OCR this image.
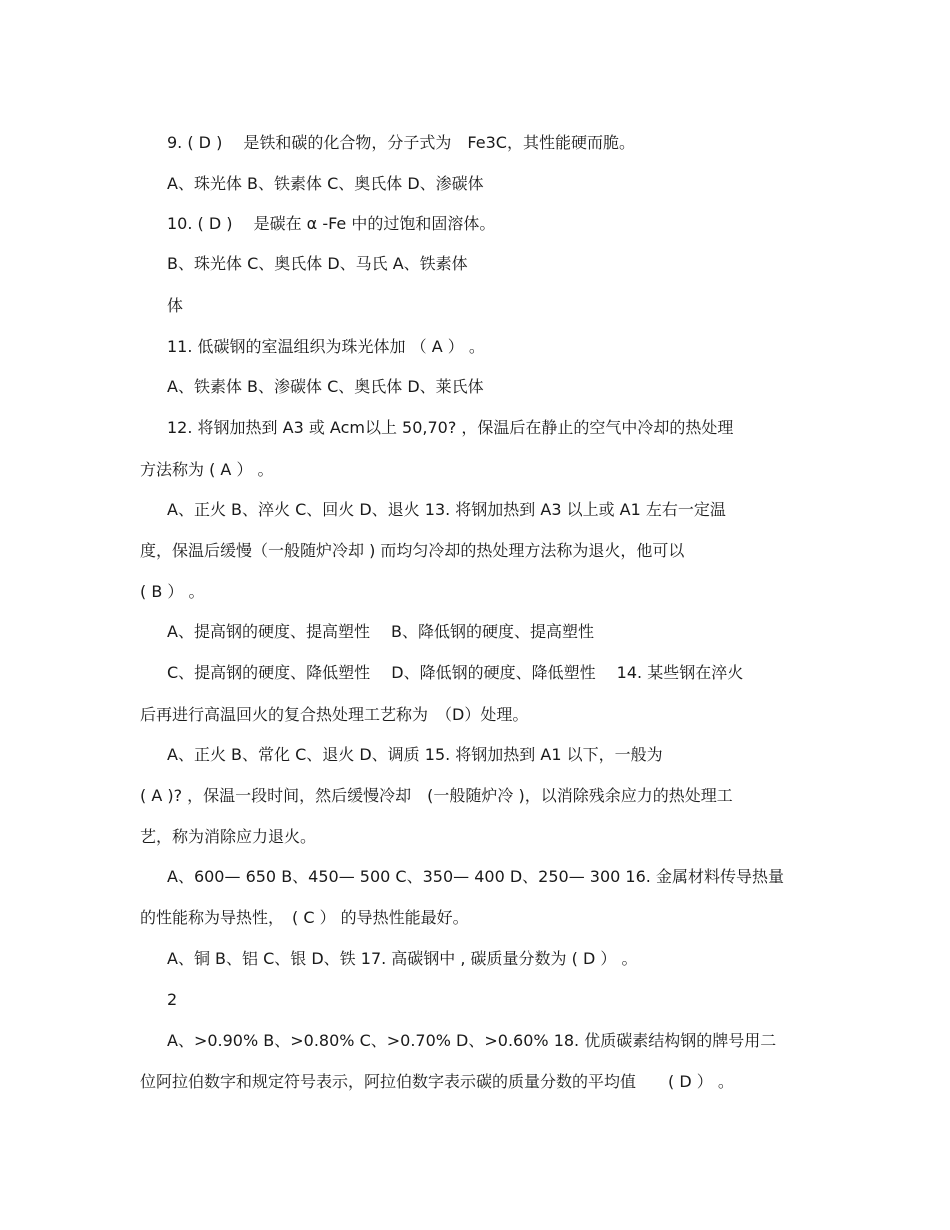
9. ( D )　 是铁和碳的化合物，分子式为　Fe3C，其性能硬而脆。
A、珠光体 B、铁素体 C、奥氏体 D、渗碳体
10. ( D )　 是碳在 α -Fe 中的过饱和固溶体。
B、珠光体 C、奥氏体 D、马氏 A、铁素体
体
11. 低碳钢的室温组织为珠光体加 （ A ） 。
A、铁素体 B、渗碳体 C、奥氏体 D、莱氏体
12. 将钢加热到 A3 或 Acm以上 50,70? ，保温后在静止的空气中冷却的热处理
方法称为 ( A ） 。
A、正火 B、淬火 C、回火 D、退火 13. 将钢加热到 A3 以上或 A1 左右一定温
度，保温后缓慢（一般随炉冷却 ) 而均匀冷却的热处理方法称为退火，他可以
( B ） 。
A、提高钢的硬度、提高塑性　 B、降低钢的硬度、提高塑性
C、提高钢的硬度、降低塑性　 D、降低钢的硬度、降低塑性　 14. 某些钢在淬火
后再进行高温回火的复合热处理工艺称为　（D）处理。
A、正火 B、常化 C、退火 D、调质 15. 将钢加热到 A1 以下，一般为
( A )? ，保温一段时间，然后缓慢冷却　(一般随炉冷 )，以消除残余应力的热处理工
艺，称为消除应力退火。
A、600— 650 B、450— 500 C、350— 400 D、250— 300 16. 金属材料传导热量
的性能称为导热性，　( C ） 的导热性能最好。
A、铜 B、铝 C、银 D、铁 17. 高碳钢中 , 碳质量分数为 ( D ） 。
2
A、>0.90% B、>0.80% C、>0.70% D、>0.60% 18. 优质碳素结构钢的牌号用二
位阿拉伯数字和规定符号表示，阿拉伯数字表示碳的质量分数的平均值　　( D ） 。
